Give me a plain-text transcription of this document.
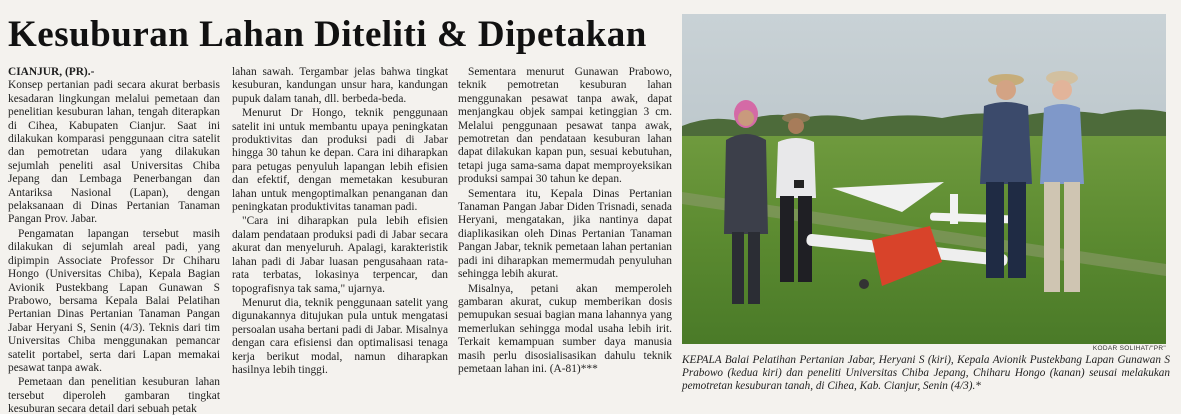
Kesuburan Lahan Diteliti & Dipetakan

CIANJUR, (PR).-
Konsep pertanian padi secara akurat berbasis kesadaran lingkungan melalui pemetaan dan penelitian kesuburan lahan, tengah diterapkan di Cihea, Kabupaten Cianjur. Saat ini dilakukan komparasi penggunaan citra satelit dan pemotretan udara yang dilakukan sejumlah peneliti asal Universitas Chiba Jepang dan Lembaga Penerbangan dan Antariksa Nasional (Lapan), dengan pelaksanaan di Dinas Pertanian Tanaman Pangan Prov. Jabar.

Pengamatan lapangan tersebut masih dilakukan di sejumlah areal padi, yang dipimpin Associate Professor Dr Chiharu Hongo (Universitas Chiba), Kepala Bagian Avionik Pustekbang Lapan Gunawan S Prabowo, bersama Kepala Balai Pelatihan Pertanian Dinas Pertanian Tanaman Pangan Jabar Heryani S, Senin (4/3). Teknis dari tim Universitas Chiba menggunakan pemancar satelit portabel, serta dari Lapan memakai pesawat tanpa awak.

Pemetaan dan penelitian kesuburan lahan tersebut diperoleh gambaran tingkat kesuburan secara detail dari sebuah petak

lahan sawah. Tergambar jelas bahwa tingkat kesuburan, kandungan unsur hara, kandungan pupuk dalam tanah, dll. berbeda-beda.

Menurut Dr Hongo, teknik penggunaan satelit ini untuk membantu upaya peningkatan produktivitas dan produksi padi di Jabar hingga 30 tahun ke depan. Cara ini diharapkan para petugas penyuluh lapangan lebih efisien dan efektif, dengan memetakan kesuburan lahan untuk mengoptimalkan penanganan dan peningkatan produktivitas tanaman padi.

"Cara ini diharapkan pula lebih efisien dalam pendataan produksi padi di Jabar secara akurat dan menyeluruh. Apalagi, karakteristik lahan padi di Jabar luasan pengusahaan rata-rata terbatas, lokasinya terpencar, dan topografisnya tak sama," ujarnya.

Menurut dia, teknik penggunaan satelit yang digunakannya ditujukan pula untuk mengatasi persoalan usaha bertani padi di Jabar. Misalnya dengan cara efisiensi dan optimalisasi tenaga kerja berikut modal, namun diharapkan hasilnya lebih tinggi.

Sementara menurut Gunawan Prabowo, teknik pemotretan kesuburan lahan menggunakan pesawat tanpa awak, dapat menjangkau objek sampai ketinggian 3 cm. Melalui penggunaan pesawat tanpa awak, pemotretan dan pendataan kesuburan lahan dapat dilakukan kapan pun, sesuai kebutuhan, tetapi juga sama-sama dapat memproyeksikan produksi sampai 30 tahun ke depan.

Sementara itu, Kepala Dinas Pertanian Tanaman Pangan Jabar Diden Trisnadi, senada Heryani, mengatakan, jika nantinya dapat diaplikasikan oleh Dinas Pertanian Tanaman Pangan Jabar, teknik pemetaan lahan pertanian padi ini diharapkan memermudah penyuluhan sehingga lebih akurat.

Misalnya, petani akan memperoleh gambaran akurat, cukup memberikan dosis pemupukan sesuai bagian mana lahannya yang memerlukan sehingga modal usaha lebih irit. Terkait kemampuan sumber daya manusia masih perlu disosialisasikan dahulu teknik pemetaan lahan ini. (A-81)***

KODAR SOLIHAT/"PR"
KEPALA Balai Pelatihan Pertanian Jabar, Heryani S (kiri), Kepala Avionik Pustekbang Lapan Gunawan S Prabowo (kedua kiri) dan peneliti Universitas Chiba Jepang, Chiharu Hongo (kanan) seusai melakukan pemotretan kesuburan tanah, di Cihea, Kab. Cianjur, Senin (4/3).*
